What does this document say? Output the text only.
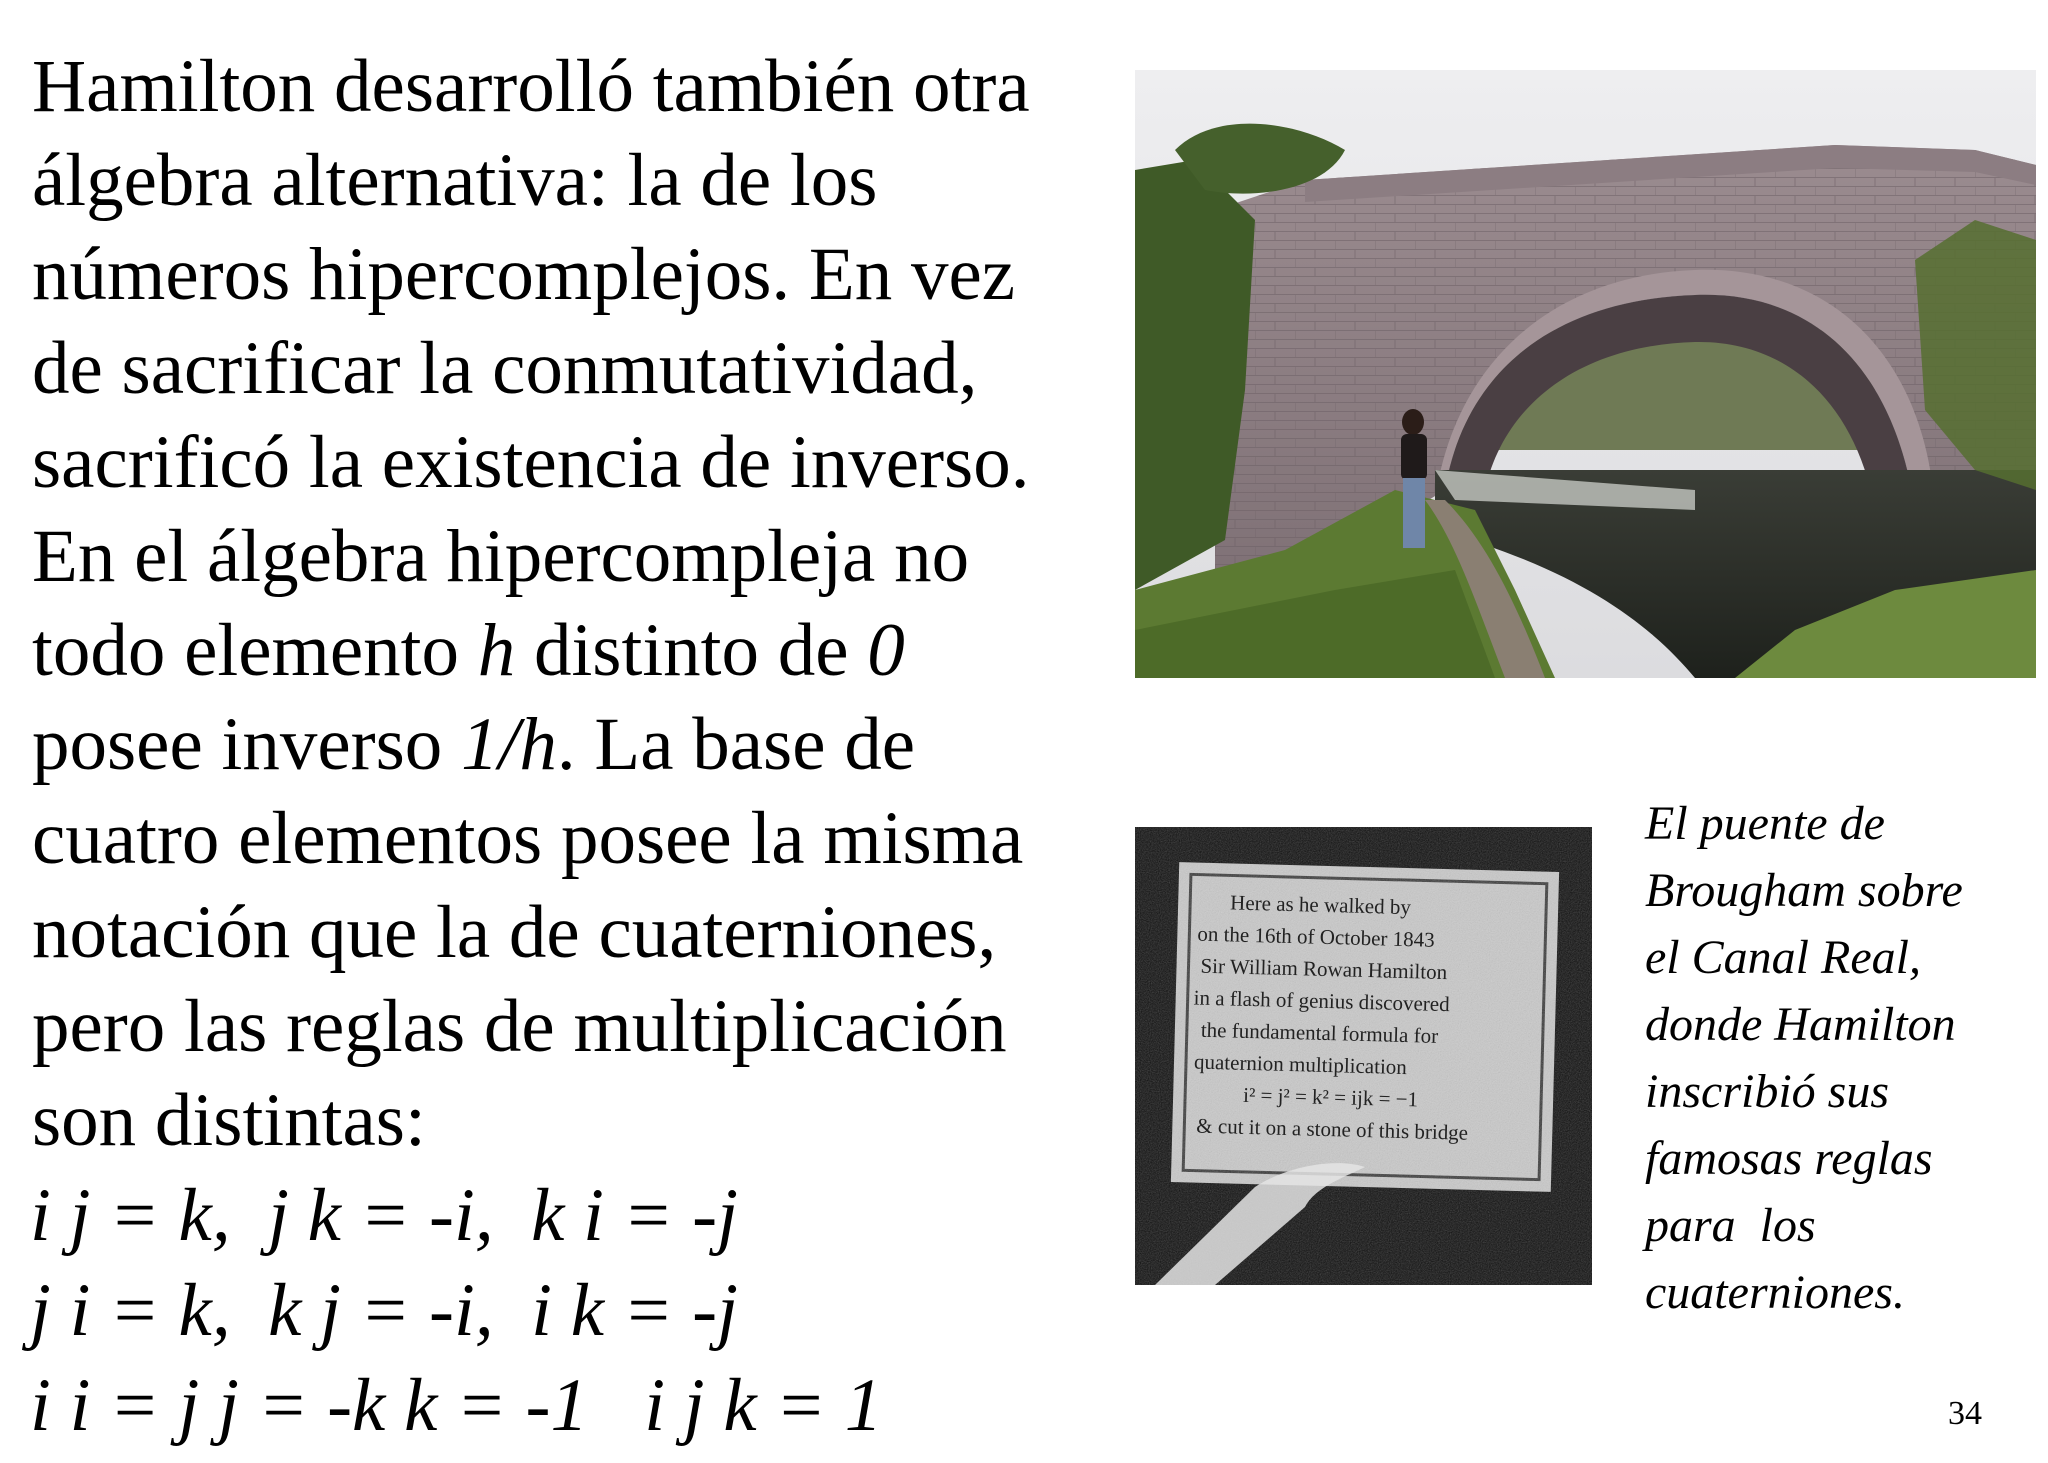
Hamilton desarrolló también otra

álgebra alternativa: la de los

números hipercomplejos. En vez

de sacrificar la conmutatividad,

sacrificó la existencia de inverso.

En el álgebra hipercompleja no

todo elemento h distinto de 0

posee inverso 1/h. La base de

cuatro elementos posee la misma

notación que la de cuaterniones,

pero las reglas de multiplicación

son distintas:

i j = k,  j k = -i,  k i = -j
j i = k,  k j = -i,  i k = -j
i i = j j = -k k = -1   i j k = 1
Here as he walked by
on the 16th of October 1843
Sir William Rowan Hamilton
in a flash of genius discovered
the fundamental formula for
quaternion multiplication
i² = j² = k² = ijk = −1
& cut it on a stone of this bridge
El puente de
Brougham sobre
el Canal Real,
donde Hamilton
inscribió sus
famosas reglas
para  los
cuaterniones.
34
